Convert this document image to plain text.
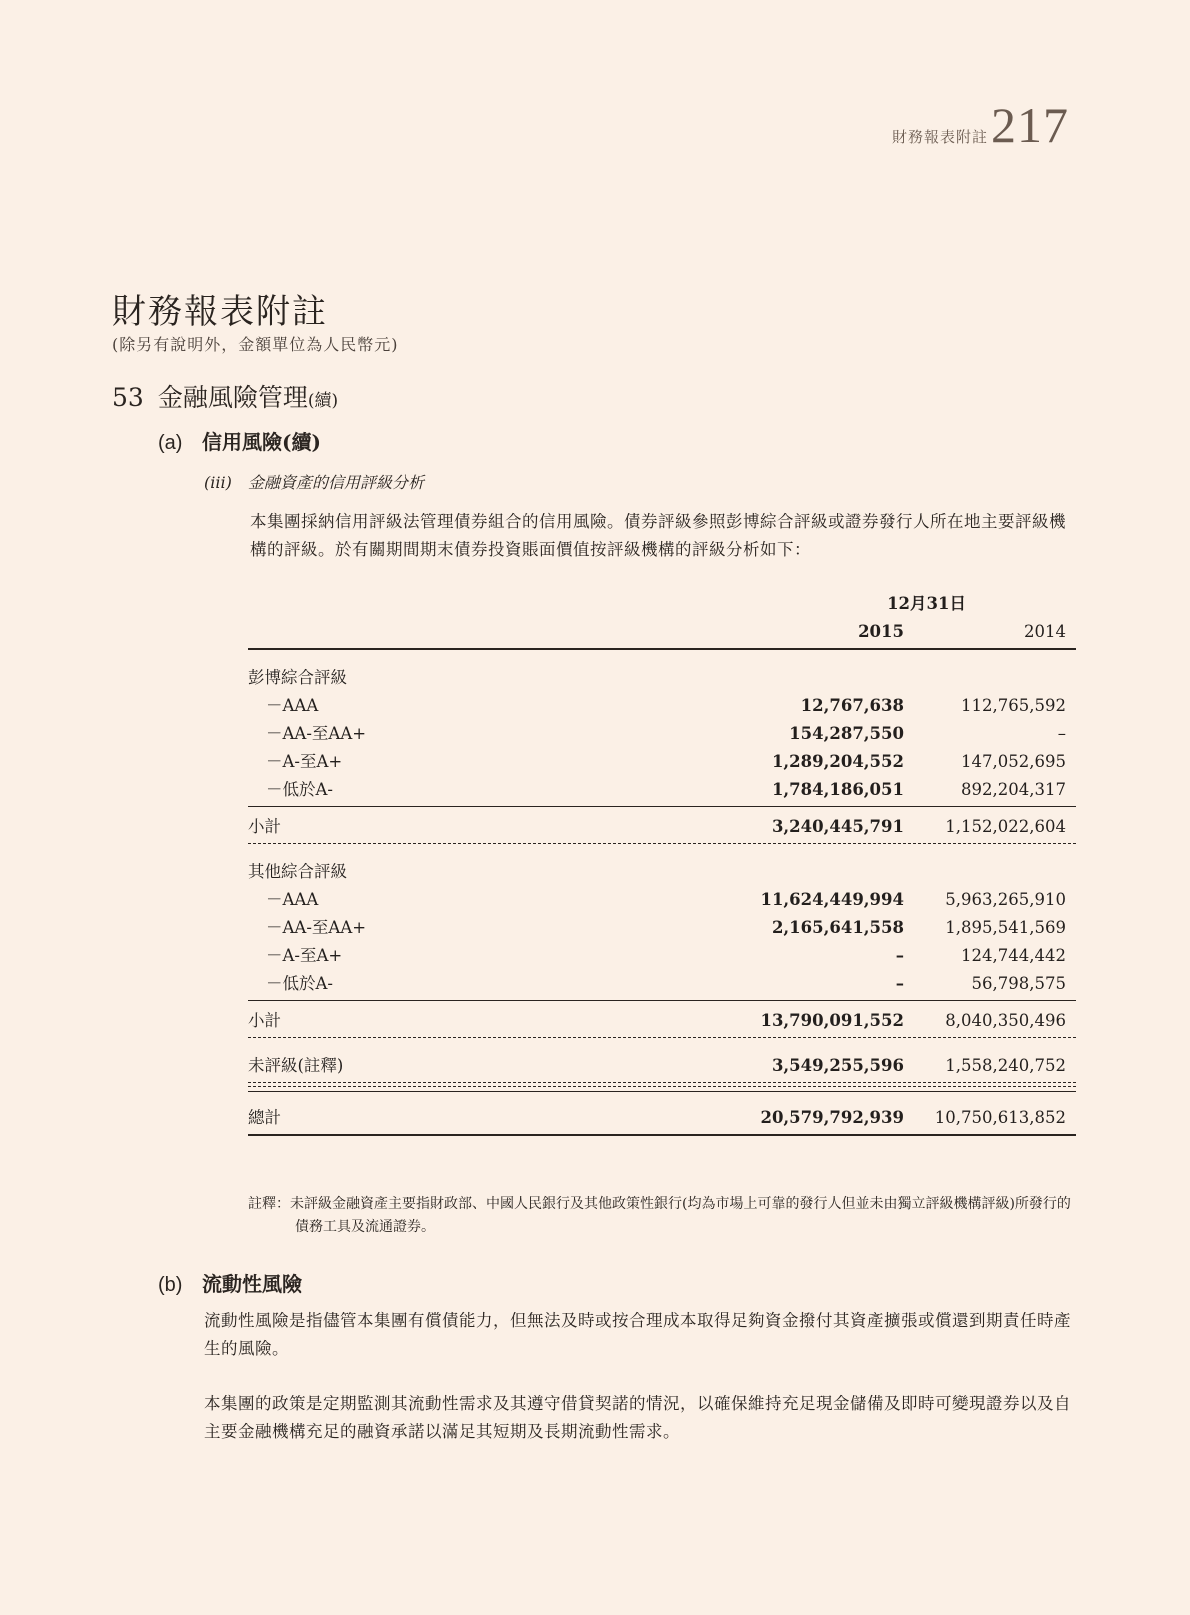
財務報表附註 217
財務報表附註
(除另有說明外，金額單位為人民幣元)
53 金融風險管理(續)
(a) 信用風險(續)
(iii) 金融資產的信用評級分析
本集團採納信用評級法管理債券組合的信用風險。債券評級參照彭博綜合評級或證券發行人所在地主要評級機構的評級。於有關期間期末債券投資賬面價值按評級機構的評級分析如下：
12月31日
2015	2014
彭博綜合評級
－AAA	12,767,638	112,765,592
－AA-至AA+	154,287,550	–
－A-至A+	1,289,204,552	147,052,695
－低於A-	1,784,186,051	892,204,317
小計	3,240,445,791	1,152,022,604
其他綜合評級
－AAA	11,624,449,994	5,963,265,910
－AA-至AA+	2,165,641,558	1,895,541,569
－A-至A+	–	124,744,442
－低於A-	–	56,798,575
小計	13,790,091,552	8,040,350,496
未評級(註釋)	3,549,255,596	1,558,240,752
總計	20,579,792,939 10,750,613,852
註釋：未評級金融資產主要指財政部、中國人民銀行及其他政策性銀行(均為市場上可靠的發行人但並未由獨立評級機構評級)所發行的債務工具及流通證券。
(b) 流動性風險
流動性風險是指儘管本集團有償債能力，但無法及時或按合理成本取得足夠資金撥付其資產擴張或償還到期責任時產生的風險。
本集團的政策是定期監測其流動性需求及其遵守借貸契諾的情況，以確保維持充足現金儲備及即時可變現證券以及自主要金融機構充足的融資承諾以滿足其短期及長期流動性需求。
